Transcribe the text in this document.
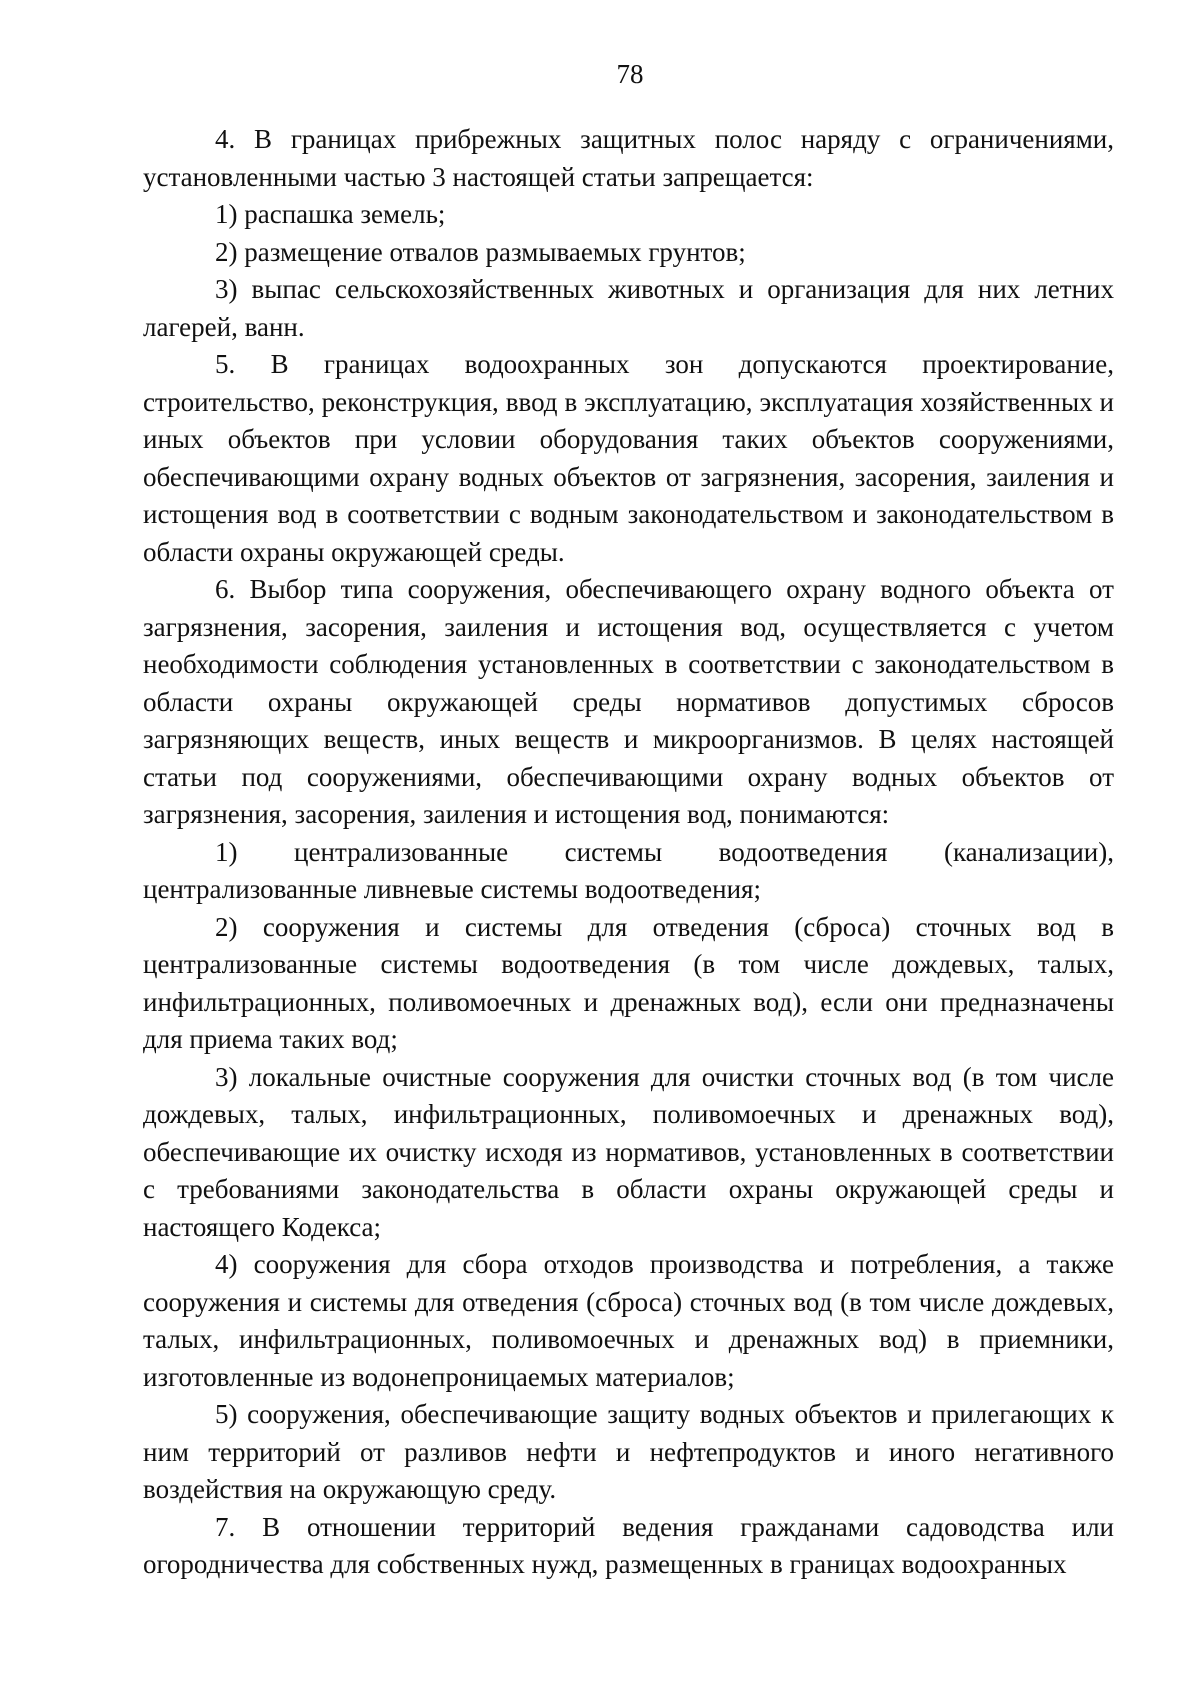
78

4. В границах прибрежных защитных полос наряду с ограничениями, установленными частью 3 настоящей статьи запрещается:

1) распашка земель;

2) размещение отвалов размываемых грунтов;

3) выпас сельскохозяйственных животных и организация для них летних лагерей, ванн.

5. В границах водоохранных зон допускаются проектирование, строительство, реконструкция, ввод в эксплуатацию, эксплуатация хозяйственных и иных объектов при условии оборудования таких объектов сооружениями, обеспечивающими охрану водных объектов от загрязнения, засорения, заиления и истощения вод в соответствии с водным законодательством и законодательством в области охраны окружающей среды.

6. Выбор типа сооружения, обеспечивающего охрану водного объекта от загрязнения, засорения, заиления и истощения вод, осуществляется с учетом необходимости соблюдения установленных в соответствии с законодательством в области охраны окружающей среды нормативов допустимых сбросов загрязняющих веществ, иных веществ и микроорганизмов. В целях настоящей статьи под сооружениями, обеспечивающими охрану водных объектов от загрязнения, засорения, заиления и истощения вод, понимаются:

1) централизованные системы водоотведения (канализации), централизованные ливневые системы водоотведения;

2) сооружения и системы для отведения (сброса) сточных вод в централизованные системы водоотведения (в том числе дождевых, талых, инфильтрационных, поливомоечных и дренажных вод), если они предназначены для приема таких вод;

3) локальные очистные сооружения для очистки сточных вод (в том числе дождевых, талых, инфильтрационных, поливомоечных и дренажных вод), обеспечивающие их очистку исходя из нормативов, установленных в соответствии с требованиями законодательства в области охраны окружающей среды и настоящего Кодекса;

4) сооружения для сбора отходов производства и потребления, а также сооружения и системы для отведения (сброса) сточных вод (в том числе дождевых, талых, инфильтрационных, поливомоечных и дренажных вод) в приемники, изготовленные из водонепроницаемых материалов;

5) сооружения, обеспечивающие защиту водных объектов и прилегающих к ним территорий от разливов нефти и нефтепродуктов и иного негативного воздействия на окружающую среду.

7. В отношении территорий ведения гражданами садоводства или огородничества для собственных нужд, размещенных в границах водоохранных
